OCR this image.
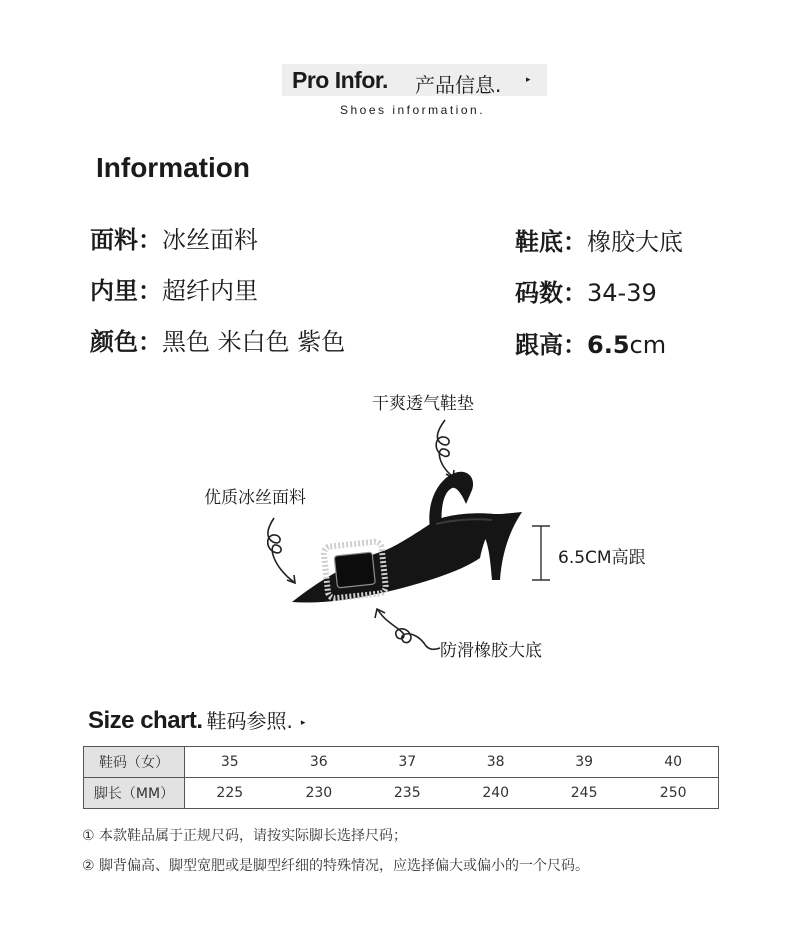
Pro Infor. 产品信息.	▸
Shoes information.
Information
面料：冰丝面料
内里：超纤内里
颜色：黑色 米白色 紫色
鞋底：橡胶大底
码数：34-39
跟高：6.5cm
干爽透气鞋垫
优质冰丝面料
6.5CM高跟
防滑橡胶大底
Size chart. 鞋码参照. ▸
鞋码（女）	35	36	37	38	39	40
脚长（MM）	225	230	235	240	245	250
① 本款鞋品属于正规尺码，请按实际脚长选择尺码；
② 脚背偏高、脚型宽肥或是脚型纤细的特殊情况，应选择偏大或偏小的一个尺码。
